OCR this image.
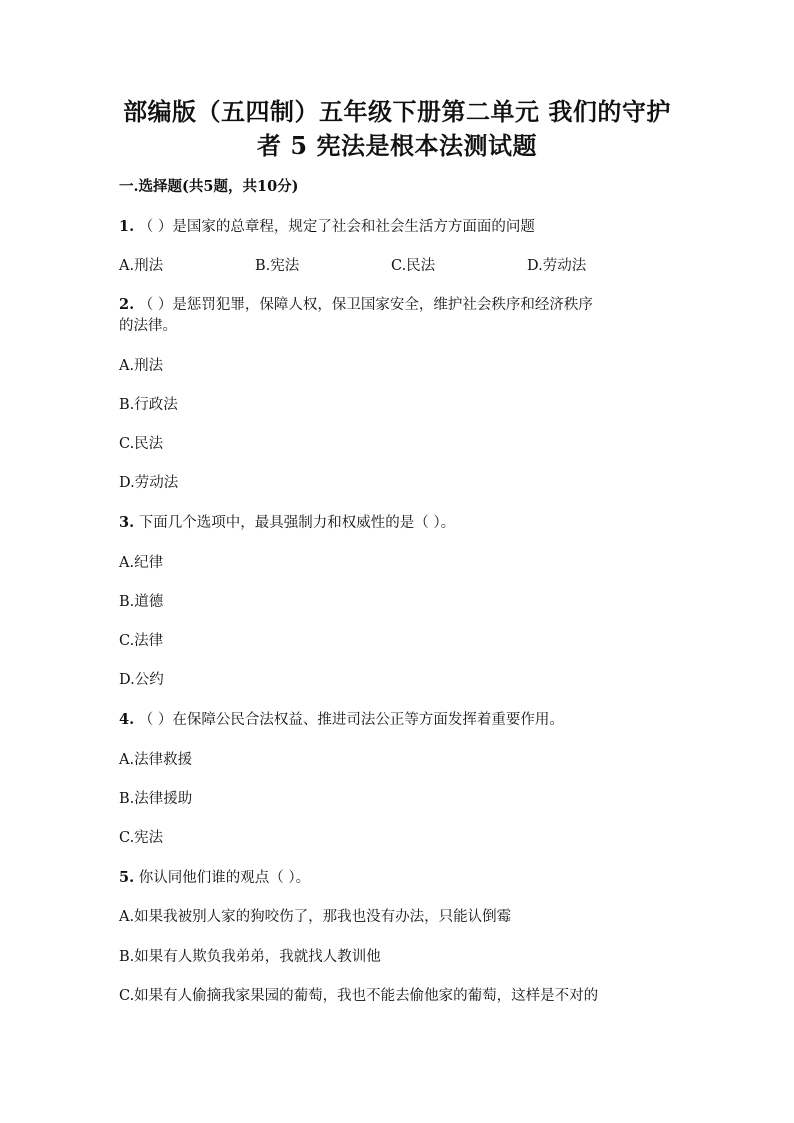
部编版（五四制）五年级下册第二单元 我们的守护
者 5 宪法是根本法测试题
一.选择题(共5题，共10分)
1. （ ）是国家的总章程，规定了社会和社会生活方方面面的问题
A.刑法	B.宪法	C.民法	D.劳动法
2. （ ）是惩罚犯罪，保障人权，保卫国家安全，维护社会秩序和经济秩序
的法律。
A.刑法
B.行政法
C.民法
D.劳动法
3. 下面几个选项中，最具强制力和权威性的是（ ）。
A.纪律
B.道德
C.法律
D.公约
4. （ ）在保障公民合法权益、推进司法公正等方面发挥着重要作用。
A.法律救援
B.法律援助
C.宪法
5. 你认同他们谁的观点（ ）。
A.如果我被别人家的狗咬伤了，那我也没有办法，只能认倒霉
B.如果有人欺负我弟弟，我就找人教训他
C.如果有人偷摘我家果园的葡萄，我也不能去偷他家的葡萄，这样是不对的
